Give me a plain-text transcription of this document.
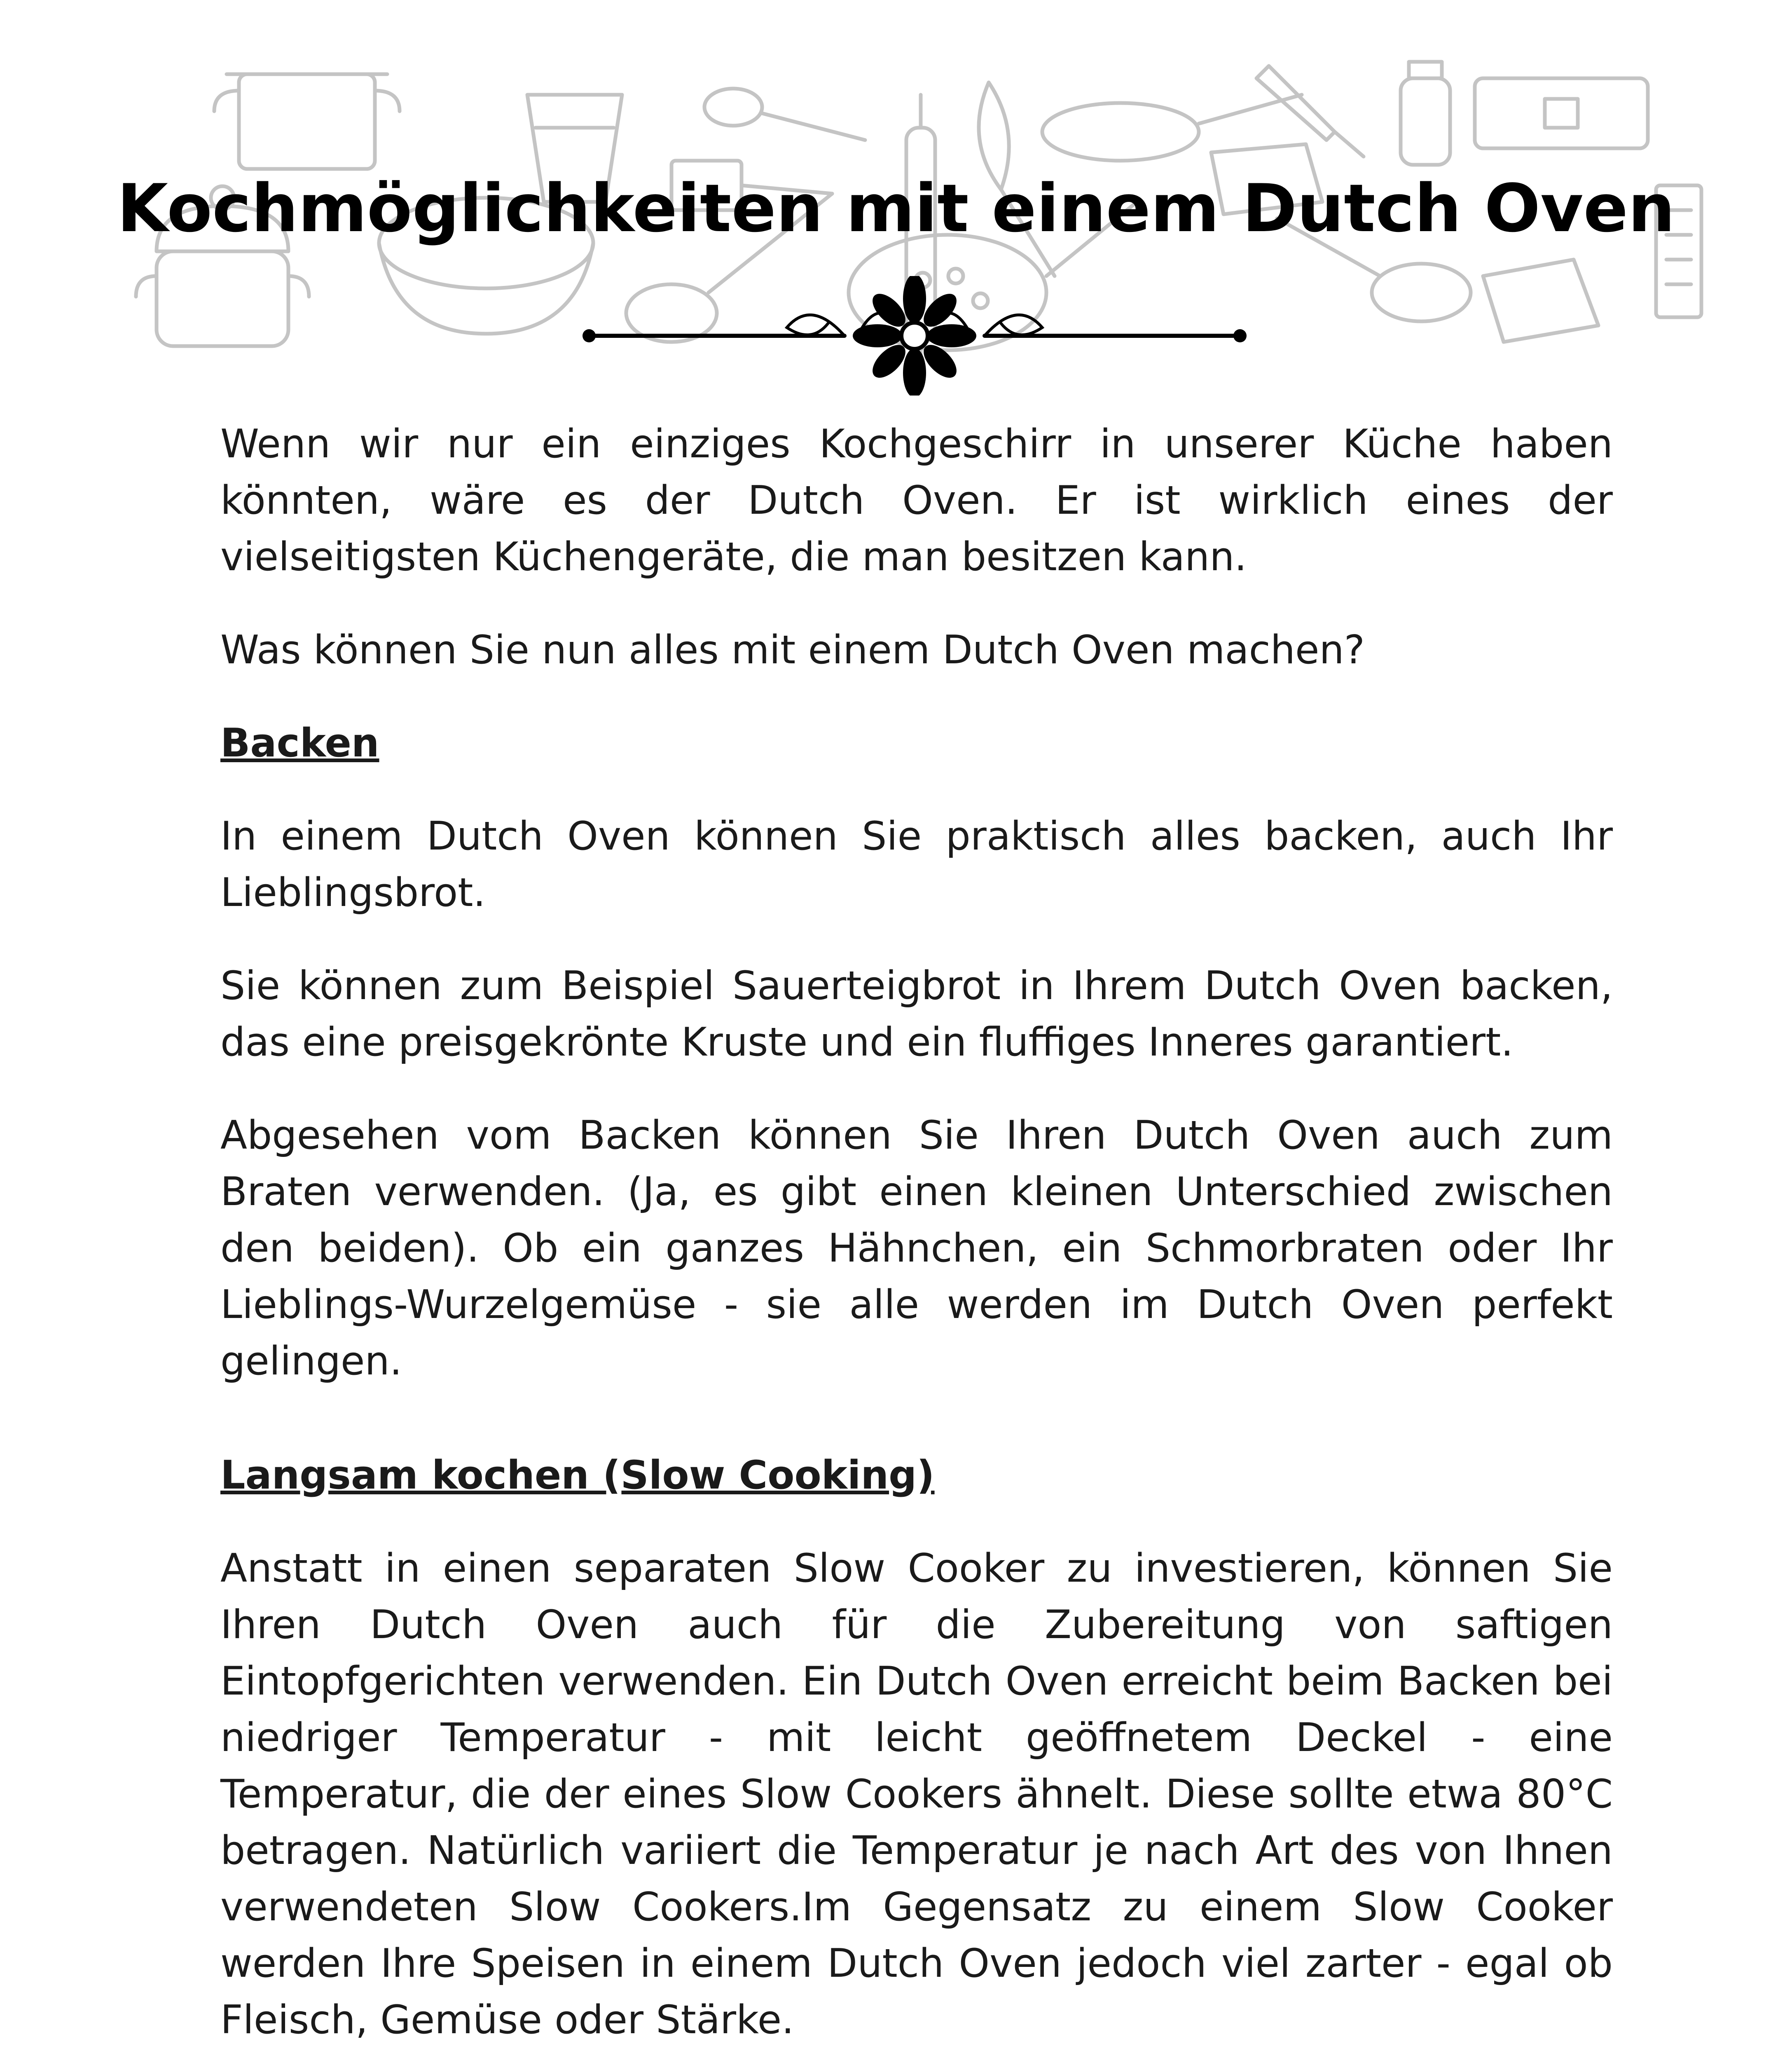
Kochmöglichkeiten mit einem Dutch Oven

Wenn wir nur ein einziges Kochgeschirr in unserer Küche haben könnten, wäre es der Dutch Oven. Er ist wirklich eines der vielseitigsten Küchengeräte, die man besitzen kann.

Was können Sie nun alles mit einem Dutch Oven machen?

Backen

In einem Dutch Oven können Sie praktisch alles backen, auch Ihr Lieblingsbrot.

Sie können zum Beispiel Sauerteigbrot in Ihrem Dutch Oven backen, das eine preisgekrönte Kruste und ein fluffiges Inneres garantiert.

Abgesehen vom Backen können Sie Ihren Dutch Oven auch zum Braten verwenden. (Ja, es gibt einen kleinen Unterschied zwischen den beiden). Ob ein ganzes Hähnchen, ein Schmorbraten oder Ihr Lieblings-Wurzelgemüse - sie alle werden im Dutch Oven perfekt gelingen.

Langsam kochen (Slow Cooking)

Anstatt in einen separaten Slow Cooker zu investieren, können Sie Ihren Dutch Oven auch für die Zubereitung von saftigen Eintopfgerichten verwenden. Ein Dutch Oven erreicht beim Backen bei niedriger Temperatur - mit leicht geöffnetem Deckel - eine Temperatur, die der eines Slow Cookers ähnelt. Diese sollte etwa 80°C betragen. Natürlich variiert die Temperatur je nach Art des von Ihnen verwendeten Slow Cookers.Im Gegensatz zu einem Slow Cooker werden Ihre Speisen in einem Dutch Oven jedoch viel zarter - egal ob Fleisch, Gemüse oder Stärke.
